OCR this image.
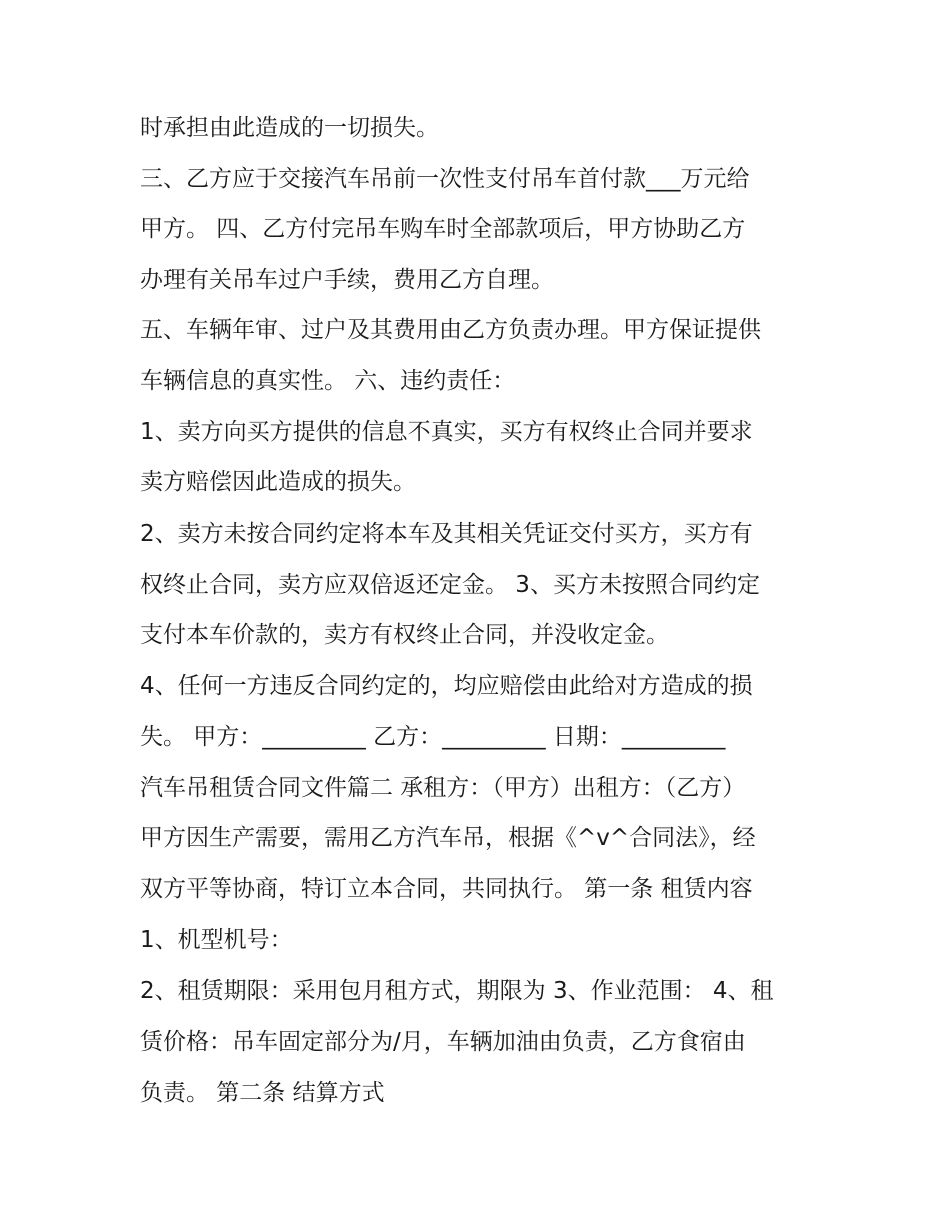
时承担由此造成的一切损失。
三、乙方应于交接汽车吊前一次性支付吊车首付款___万元给
甲方。 四、乙方付完吊车购车时全部款项后，甲方协助乙方
办理有关吊车过户手续，费用乙方自理。
五、车辆年审、过户及其费用由乙方负责办理。甲方保证提供
车辆信息的真实性。 六、违约责任：
1、卖方向买方提供的信息不真实，买方有权终止合同并要求
卖方赔偿因此造成的损失。
2、卖方未按合同约定将本车及其相关凭证交付买方，买方有
权终止合同，卖方应双倍返还定金。 3、买方未按照合同约定
支付本车价款的，卖方有权终止合同，并没收定金。
4、任何一方违反合同约定的，均应赔偿由此给对方造成的损
失。 甲方：_________ 乙方：_________ 日期：_________
汽车吊租赁合同文件篇二 承租方：（甲方）出租方：（乙方）
甲方因生产需要，需用乙方汽车吊，根据《^v^合同法》，经
双方平等协商，特订立本合同，共同执行。 第一条 租赁内容
1、机型机号：
2、租赁期限：采用包月租方式，期限为 3、作业范围： 4、租
赁价格：吊车固定部分为/月，车辆加油由负责，乙方食宿由
负责。 第二条 结算方式
